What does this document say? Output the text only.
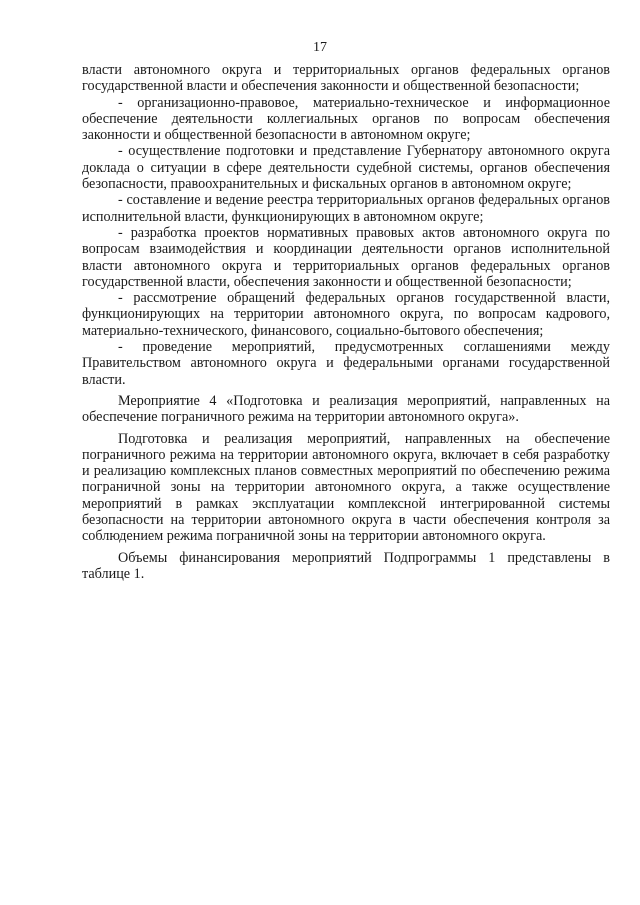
17

власти автономного округа и территориальных органов федеральных органов государственной власти и обеспечения законности и общественной безопасности;

- организационно-правовое, материально-техническое и информационное обеспечение деятельности коллегиальных органов по вопросам обеспечения законности и общественной безопасности в автономном округе;

- осуществление подготовки и представление Губернатору автономного округа доклада о ситуации в сфере деятельности судебной системы, органов обеспечения безопасности, правоохранительных и фискальных органов в автономном округе;

- составление и ведение реестра территориальных органов федеральных органов исполнительной власти, функционирующих в автономном округе;

- разработка проектов нормативных правовых актов автономного округа по вопросам взаимодействия и координации деятельности органов исполнительной власти автономного округа и территориальных органов федеральных органов государственной власти, обеспечения законности и общественной безопасности;

- рассмотрение обращений федеральных органов государственной власти, функционирующих на территории автономного округа, по вопросам кадрового, материально-технического, финансового, социально-бытового обеспечения;

- проведение мероприятий, предусмотренных соглашениями между Правительством автономного округа и федеральными органами государственной власти.

Мероприятие 4 «Подготовка и реализация мероприятий, направленных на обеспечение пограничного режима на территории автономного округа».

Подготовка и реализация мероприятий, направленных на обеспечение пограничного режима на территории автономного округа, включает в себя разработку и реализацию комплексных планов совместных мероприятий по обеспечению режима пограничной зоны на территории автономного округа, а также осуществление мероприятий в рамках эксплуатации комплексной интегрированной системы безопасности на территории автономного округа в части обеспечения контроля за соблюдением режима пограничной зоны на территории автономного округа.

Объемы финансирования мероприятий Подпрограммы 1 представлены в таблице 1.
